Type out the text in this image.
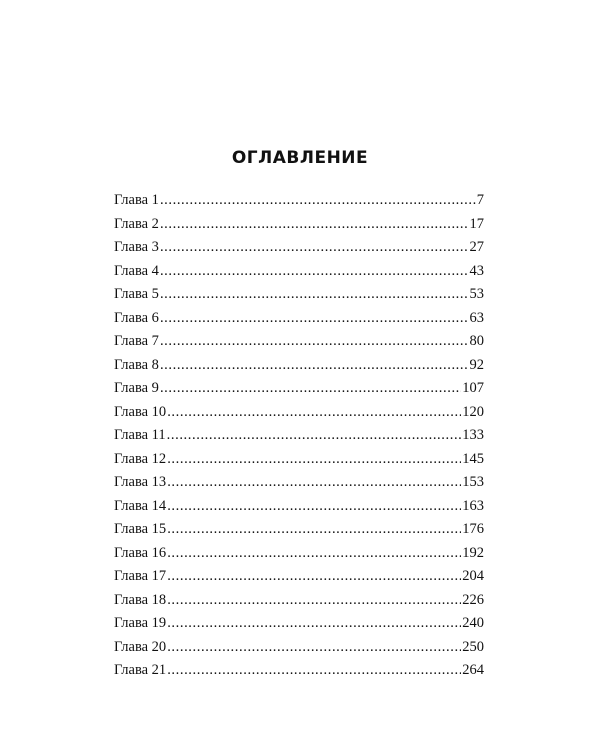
ОГЛАВЛЕНИЕ
Глава 1 .....	7
Глава 2 .....	17
Глава 3 .....	27
Глава 4 .....	43
Глава 5 .....	53
Глава 6 .....	63
Глава 7 .....	80
Глава 8 .....	92
Глава 9 .....	107
Глава 10 .....	120
Глава 11 .....	133
Глава 12 .....	145
Глава 13 .....	153
Глава 14 .....	163
Глава 15 .....	176
Глава 16 .....	192
Глава 17 .....	204
Глава 18 .....	226
Глава 19 .....	240
Глава 20 .....	250
Глава 21 .....	264
